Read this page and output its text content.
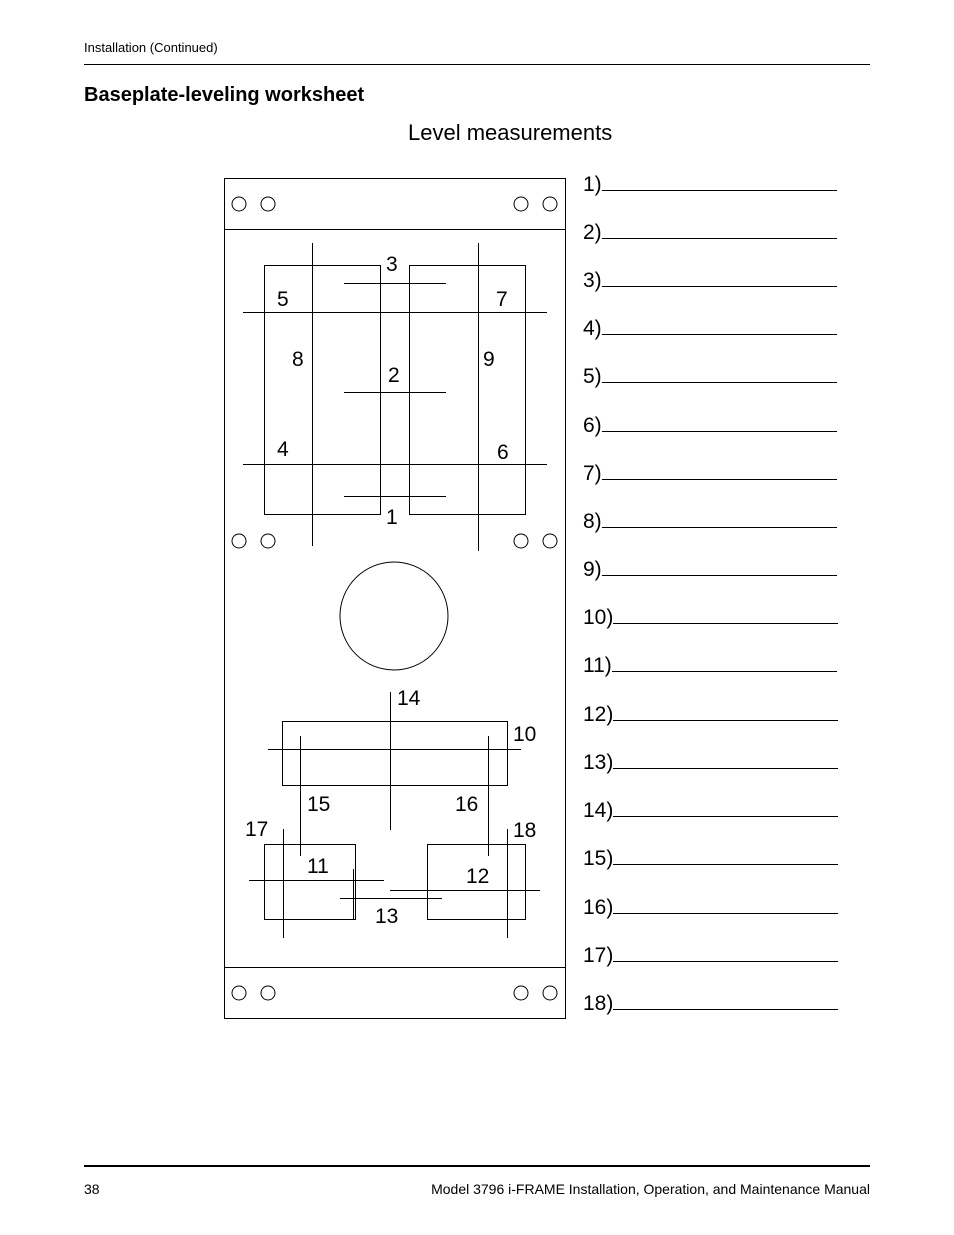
Installation (Continued)
Baseplate-leveling worksheet
Level measurements
3
5	7
8	9
2
4	6
1
14
10
15	16
17	18
11	12
13
1)
2)
3)
4)
5)
6)
7)
8)
9)
10)
11)
12)
13)
14)
15)
16)
17)
18)
38	Model 3796 i-FRAME Installation, Operation, and Maintenance Manual
